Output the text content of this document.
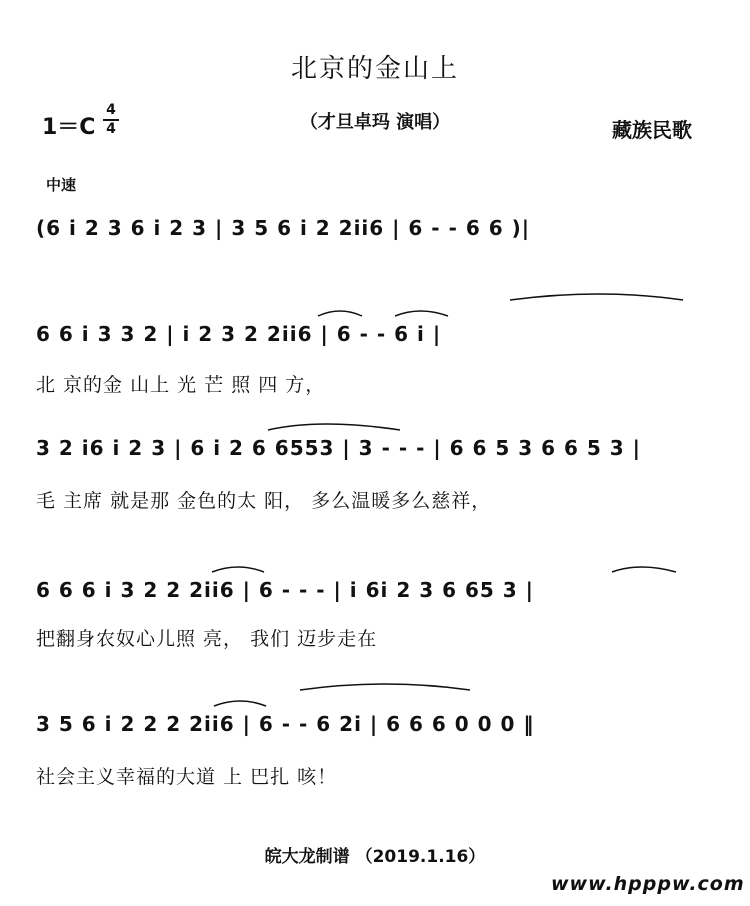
北京的金山上
1＝C
4
4	（才旦卓玛 演唱）	藏族民歌
中速
(6 i 2 3 6 i 2 3 | 3 5 6 i 2 2ii6 | 6 - - 6 6 )|
6 6 i 3 3 2 | i 2 3 2 2ii6 | 6 - - 6 i |
北 京的金 山上 光 芒 照 四 方，
3 2 i6 i 2 3 | 6 i 2 6 6553 | 3 - - - | 6 6 5 3 6 6 5 3 |
毛 主席 就是那 金色的太 阳， 多么温暖多么慈祥，
6 6 6 i 3 2 2 2ii6 | 6 - - - | i 6i 2 3 6 65 3 |
把翻身农奴心儿照 亮， 我们 迈步走在
3 5 6 i 2 2 2 2ii6 | 6 - - 6 2i | 6 6 6 0 0 0 ‖
社会主义幸福的大道 上 巴扎 咳！
皖大龙制谱 （2019.1.16）
www.hpppw.com
